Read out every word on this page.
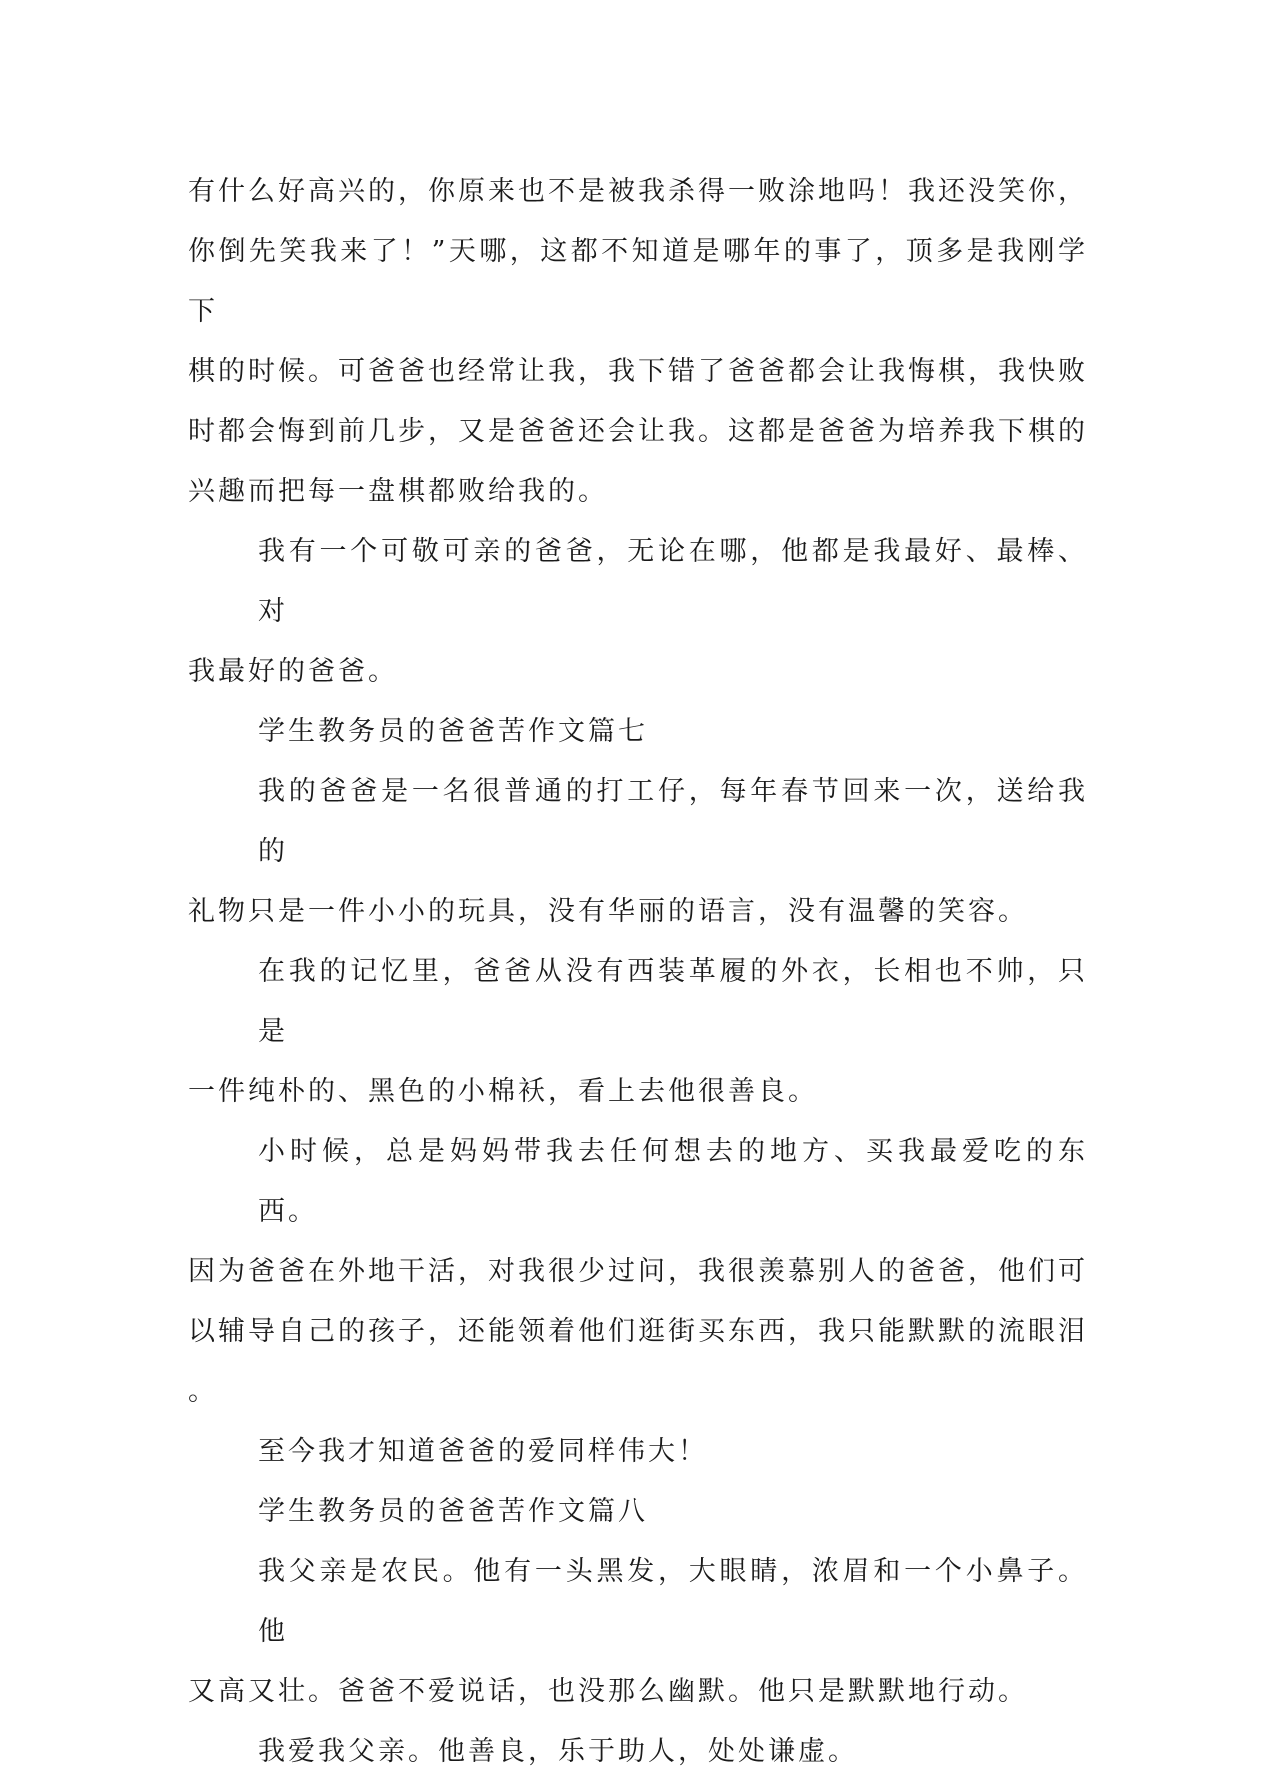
有什么好高兴的，你原来也不是被我杀得一败涂地吗！我还没笑你，
你倒先笑我来了！”天哪，这都不知道是哪年的事了，顶多是我刚学下
棋的时候。可爸爸也经常让我，我下错了爸爸都会让我悔棋，我快败
时都会悔到前几步，又是爸爸还会让我。这都是爸爸为培养我下棋的
兴趣而把每一盘棋都败给我的。
我有一个可敬可亲的爸爸，无论在哪，他都是我最好、最棒、对
我最好的爸爸。
学生教务员的爸爸苦作文篇七
我的爸爸是一名很普通的打工仔，每年春节回来一次，送给我的
礼物只是一件小小的玩具，没有华丽的语言，没有温馨的笑容。
在我的记忆里，爸爸从没有西装革履的外衣，长相也不帅，只是
一件纯朴的、黑色的小棉袄，看上去他很善良。
小时候，总是妈妈带我去任何想去的地方、买我最爱吃的东西。
因为爸爸在外地干活，对我很少过问，我很羡慕别人的爸爸，他们可
以辅导自己的孩子，还能领着他们逛街买东西，我只能默默的流眼泪
。
至今我才知道爸爸的爱同样伟大！
学生教务员的爸爸苦作文篇八
我父亲是农民。他有一头黑发，大眼睛，浓眉和一个小鼻子。他
又高又壮。爸爸不爱说话，也没那么幽默。他只是默默地行动。
我爱我父亲。他善良，乐于助人，处处谦虚。
